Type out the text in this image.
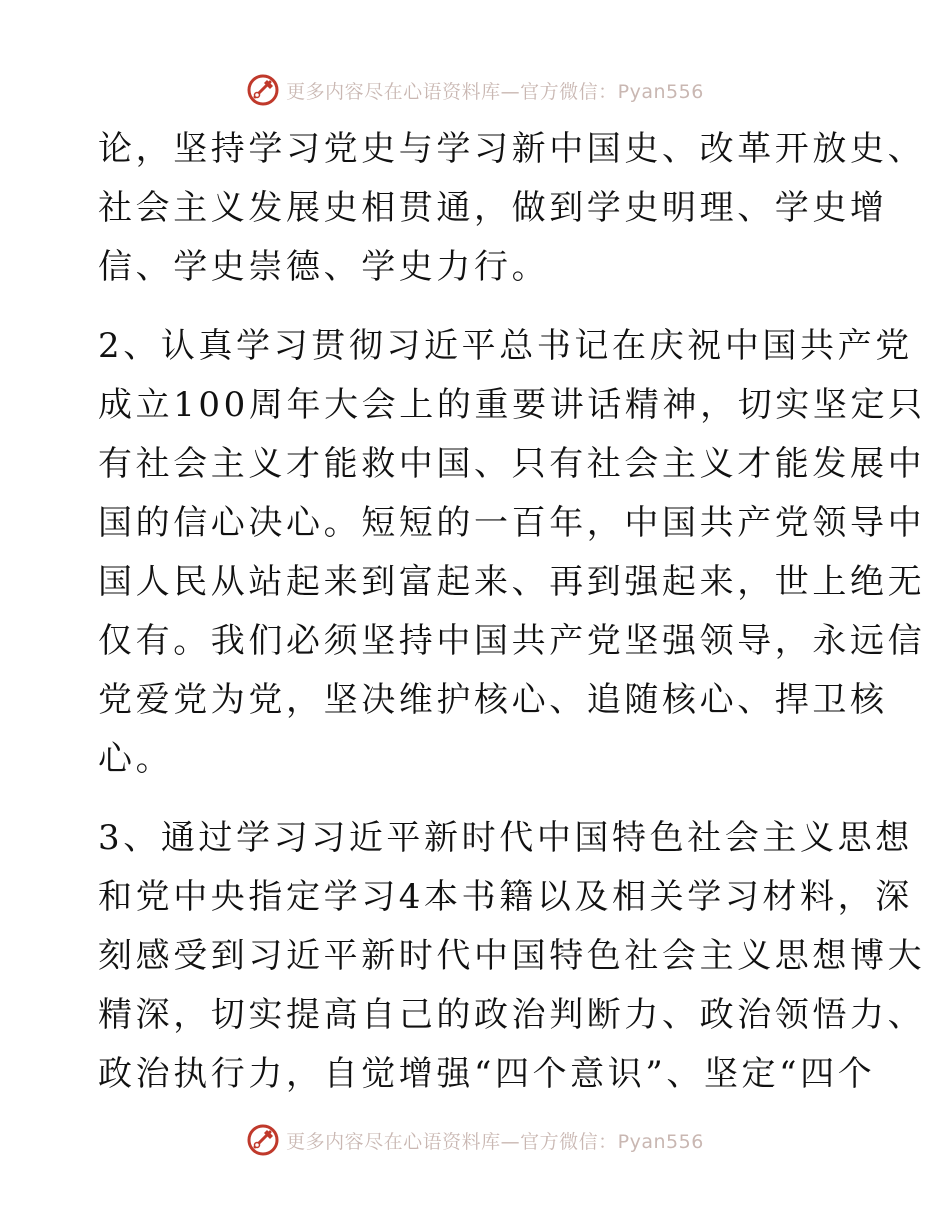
更多内容尽在心语资料库—官方微信：Pyan556

论，坚持学习党史与学习新中国史、改革开放史、
社会主义发展史相贯通，做到学史明理、学史增
信、学史崇德、学史力行。

2、认真学习贯彻习近平总书记在庆祝中国共产党
成立100周年大会上的重要讲话精神，切实坚定只
有社会主义才能救中国、只有社会主义才能发展中
国的信心决心。短短的一百年，中国共产党领导中
国人民从站起来到富起来、再到强起来，世上绝无
仅有。我们必须坚持中国共产党坚强领导，永远信
党爱党为党，坚决维护核心、追随核心、捍卫核
心。

3、通过学习习近平新时代中国特色社会主义思想
和党中央指定学习4本书籍以及相关学习材料，深
刻感受到习近平新时代中国特色社会主义思想博大
精深，切实提高自己的政治判断力、政治领悟力、
政治执行力，自觉增强“四个意识”、坚定“四个

更多内容尽在心语资料库—官方微信：Pyan556
